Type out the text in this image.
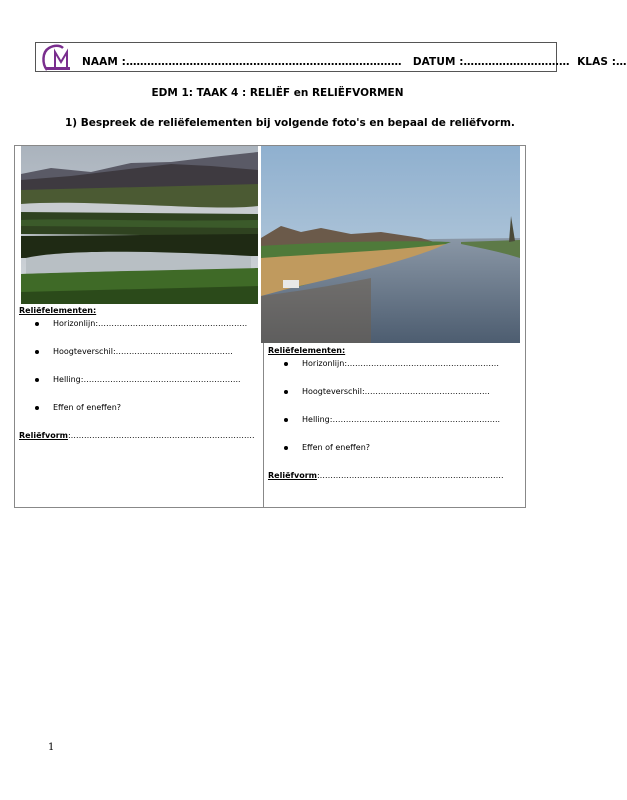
NAAM :…………………………………………………………………… DATUM :………………………… KLAS :…
EDM 1: TAAK 4 : RELIËF en RELIËFVORMEN
1) Bespreek de reliëfelementen bij volgende foto's en bepaal de reliëfvorm.
Reliëfelementen:
Horizonlijn:………………………………………………..
Hoogteverschil:……………………………………..
Helling:…………………………………………………..
Effen of eneffen?
Reliëfvorm:……………………………………………………………
Reliëfelementen:
Horizonlijn:…………………………………………………
Hoogteverschil:………………………………………..
Helling:………………………………………………….…..
Effen of eneffen?
Reliëfvorm:……………………………………………………………
1
